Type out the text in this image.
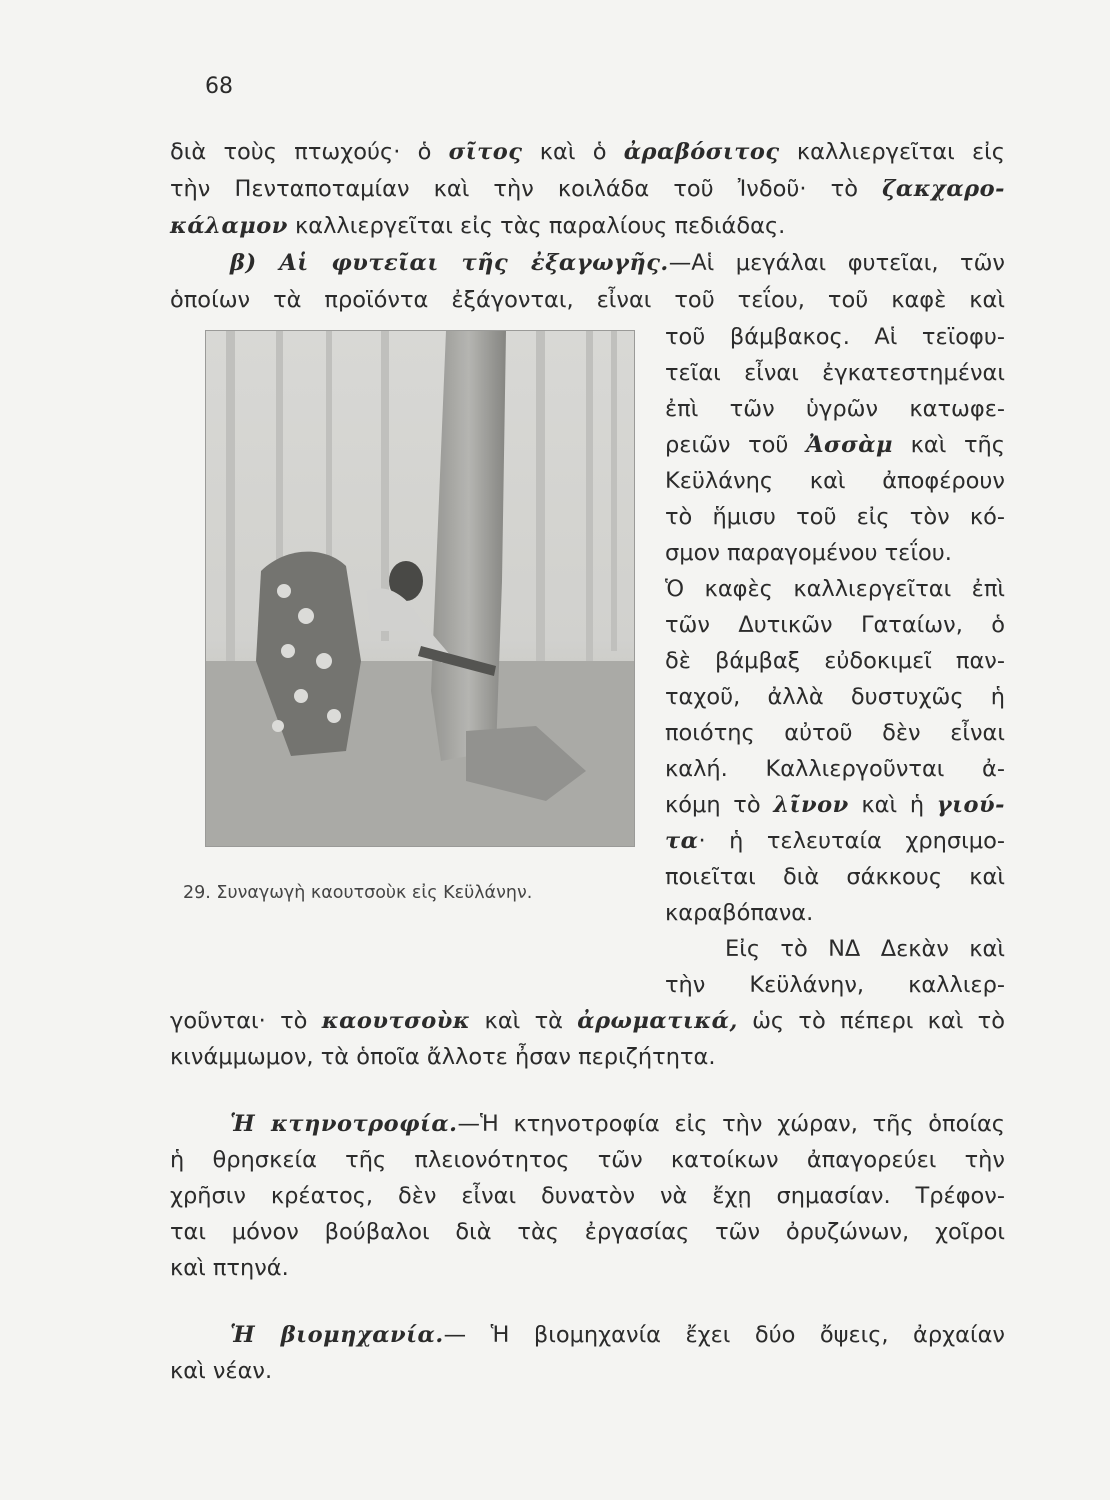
68
διὰ τοὺς πτωχούς· ὁ σῖτος καὶ ὁ ἀραβόσιτος καλλιεργεῖται εἰς
τὴν Πενταποταμίαν καὶ τὴν κοιλάδα τοῦ Ἰνδοῦ· τὸ ζακχαρο-
κάλαμον καλλιεργεῖται εἰς τὰς παραλίους πεδιάδας.
β) Αἱ φυτεῖαι τῆς ἐξαγωγῆς.—Αἱ μεγάλαι φυτεῖαι, τῶν
ὁποίων τὰ προϊόντα ἐξάγονται, εἶναι τοῦ τεΐου, τοῦ καφὲ καὶ
τοῦ βάμβακος. Αἱ τεϊοφυ-
τεῖαι εἶναι ἐγκατεστημέναι
ἐπὶ τῶν ὑγρῶν κατωφε-
ρειῶν τοῦ Ἀσσὰμ καὶ τῆς
Κεϋλάνης καὶ ἀποφέρουν
τὸ ἥμισυ τοῦ εἰς τὸν κό-
σμον παραγομένου τεΐου.
Ὁ καφὲς καλλιεργεῖται ἐπὶ
τῶν Δυτικῶν Γαταίων, ὁ
δὲ βάμβαξ εὐδοκιμεῖ παν-
ταχοῦ, ἀλλὰ δυστυχῶς ἡ
ποιότης αὐτοῦ δὲν εἶναι
καλή. Καλλιεργοῦνται ἀ-
κόμη τὸ λῖνον καὶ ἡ γιού-
τα· ἡ τελευταία χρησιμο-
ποιεῖται διὰ σάκκους καὶ
καραβόπανα.
Εἰς τὸ ΝΔ Δεκὰν καὶ
τὴν Κεϋλάνην, καλλιερ-
γοῦνται· τὸ καουτσοὺκ καὶ τὰ ἀρωματικά, ὡς τὸ πέπερι καὶ τὸ
κινάμμωμον, τὰ ὁποῖα ἄλλοτε ἦσαν περιζήτητα.
Ἡ κτηνοτροφία.—Ἡ κτηνοτροφία εἰς τὴν χώραν, τῆς ὁποίας
ἡ θρησκεία τῆς πλειονότητος τῶν κατοίκων ἀπαγορεύει τὴν
χρῆσιν κρέατος, δὲν εἶναι δυνατὸν νὰ ἔχῃ σημασίαν. Τρέφον-
ται μόνον βούβαλοι διὰ τὰς ἐργασίας τῶν ὀρυζώνων, χοῖροι
καὶ πτηνά.
Ἡ βιομηχανία.— Ἡ βιομηχανία ἔχει δύο ὄψεις, ἀρχαίαν
καὶ νέαν.
29. Συναγωγὴ καουτσοὺκ εἰς Κεϋλάνην.
